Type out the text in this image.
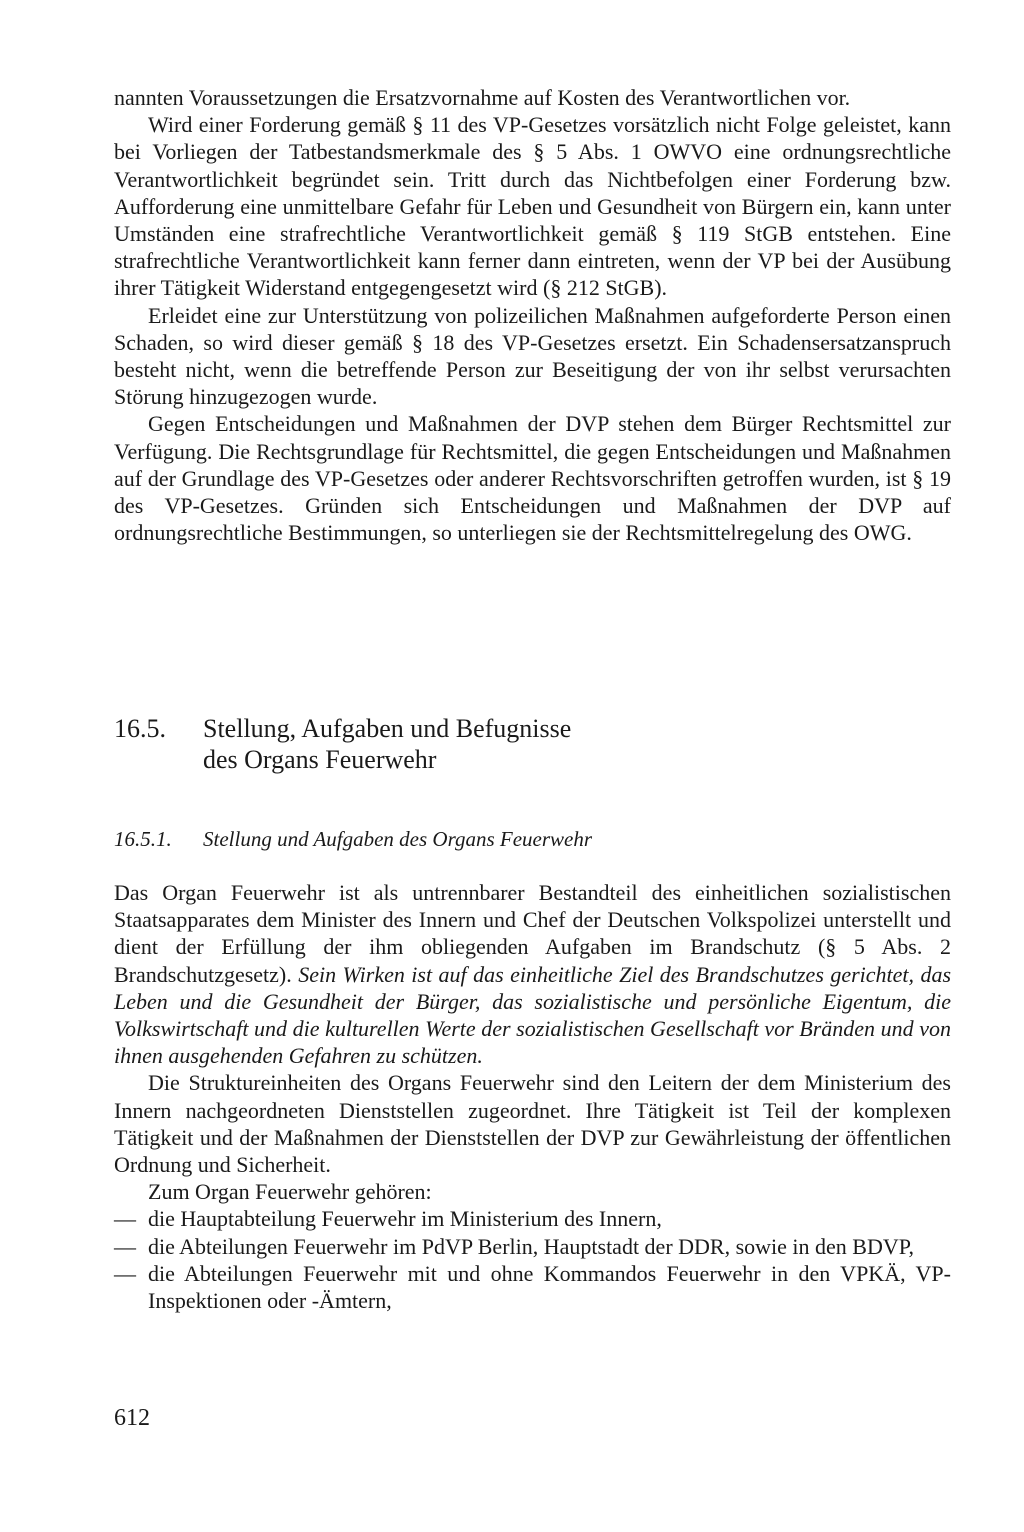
nannten Voraussetzungen die Ersatzvornahme auf Kosten des Verantwortlichen vor.

Wird einer Forderung gemäß § 11 des VP-Gesetzes vorsätzlich nicht Folge geleistet, kann bei Vorliegen der Tatbestandsmerkmale des § 5 Abs. 1 OWVO eine ordnungsrechtliche Verantwortlichkeit begründet sein. Tritt durch das Nichtbefolgen einer Forderung bzw. Aufforderung eine unmittelbare Gefahr für Leben und Gesundheit von Bürgern ein, kann unter Umständen eine strafrechtliche Verantwortlichkeit gemäß § 119 StGB entstehen. Eine strafrechtliche Verantwortlichkeit kann ferner dann eintreten, wenn der VP bei der Ausübung ihrer Tätigkeit Widerstand entgegengesetzt wird (§ 212 StGB).

Erleidet eine zur Unterstützung von polizeilichen Maßnahmen aufgeforderte Person einen Schaden, so wird dieser gemäß § 18 des VP-Gesetzes ersetzt. Ein Schadensersatzanspruch besteht nicht, wenn die betreffende Person zur Beseitigung der von ihr selbst verursachten Störung hinzugezogen wurde.

Gegen Entscheidungen und Maßnahmen der DVP stehen dem Bürger Rechtsmittel zur Verfügung. Die Rechtsgrundlage für Rechtsmittel, die gegen Entscheidungen und Maßnahmen auf der Grundlage des VP-Gesetzes oder anderer Rechtsvorschriften getroffen wurden, ist § 19 des VP-Gesetzes. Gründen sich Entscheidungen und Maßnahmen der DVP auf ordnungsrechtliche Bestimmungen, so unterliegen sie der Rechtsmittelregelung des OWG.

16.5. Stellung, Aufgaben und Befugnisse
des Organs Feuerwehr
16.5.1. Stellung und Aufgaben des Organs Feuerwehr

Das Organ Feuerwehr ist als untrennbarer Bestandteil des einheitlichen sozialistischen Staatsapparates dem Minister des Innern und Chef der Deutschen Volkspolizei unterstellt und dient der Erfüllung der ihm obliegenden Aufgaben im Brandschutz (§ 5 Abs. 2 Brandschutzgesetz). Sein Wirken ist auf das einheitliche Ziel des Brandschutzes gerichtet, das Leben und die Gesundheit der Bürger, das sozialistische und persönliche Eigentum, die Volkswirtschaft und die kulturellen Werte der sozialistischen Gesellschaft vor Bränden und von ihnen ausgehenden Gefahren zu schützen.

Die Struktureinheiten des Organs Feuerwehr sind den Leitern der dem Ministerium des Innern nachgeordneten Dienststellen zugeordnet. Ihre Tätigkeit ist Teil der komplexen Tätigkeit und der Maßnahmen der Dienststellen der DVP zur Gewährleistung der öffentlichen Ordnung und Sicherheit.

Zum Organ Feuerwehr gehören:

— die Hauptabteilung Feuerwehr im Ministerium des Innern,
— die Abteilungen Feuerwehr im PdVP Berlin, Hauptstadt der DDR, sowie in den BDVP,
— die Abteilungen Feuerwehr mit und ohne Kommandos Feuerwehr in den VPKÄ, VP-Inspektionen oder -Ämtern,
612
